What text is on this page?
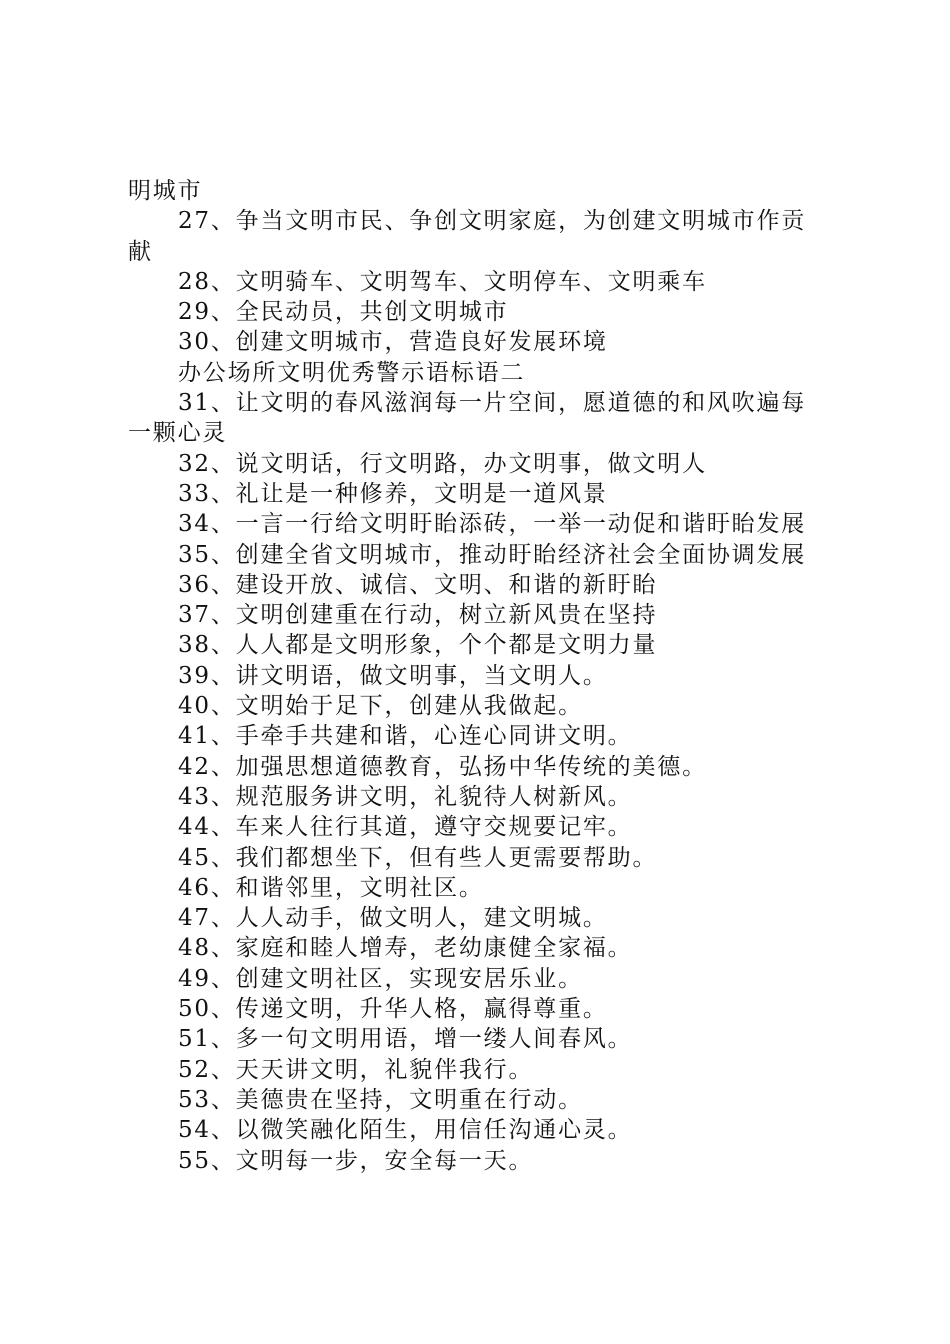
明城市
27、争当文明市民、争创文明家庭，为创建文明城市作贡献
28、文明骑车、文明驾车、文明停车、文明乘车
29、全民动员，共创文明城市
30、创建文明城市，营造良好发展环境
办公场所文明优秀警示语标语二
31、让文明的春风滋润每一片空间，愿道德的和风吹遍每一颗心灵
32、说文明话，行文明路，办文明事，做文明人
33、礼让是一种修养，文明是一道风景
34、一言一行给文明盱眙添砖，一举一动促和谐盱眙发展
35、创建全省文明城市，推动盱眙经济社会全面协调发展
36、建设开放、诚信、文明、和谐的新盱眙
37、文明创建重在行动，树立新风贵在坚持
38、人人都是文明形象，个个都是文明力量
39、讲文明语，做文明事，当文明人。
40、文明始于足下，创建从我做起。
41、手牵手共建和谐，心连心同讲文明。
42、加强思想道德教育，弘扬中华传统的美德。
43、规范服务讲文明，礼貌待人树新风。
44、车来人往行其道，遵守交规要记牢。
45、我们都想坐下，但有些人更需要帮助。
46、和谐邻里，文明社区。
47、人人动手，做文明人，建文明城。
48、家庭和睦人增寿，老幼康健全家福。
49、创建文明社区，实现安居乐业。
50、传递文明，升华人格，赢得尊重。
51、多一句文明用语，增一缕人间春风。
52、天天讲文明，礼貌伴我行。
53、美德贵在坚持，文明重在行动。
54、以微笑融化陌生，用信任沟通心灵。
55、文明每一步，安全每一天。
